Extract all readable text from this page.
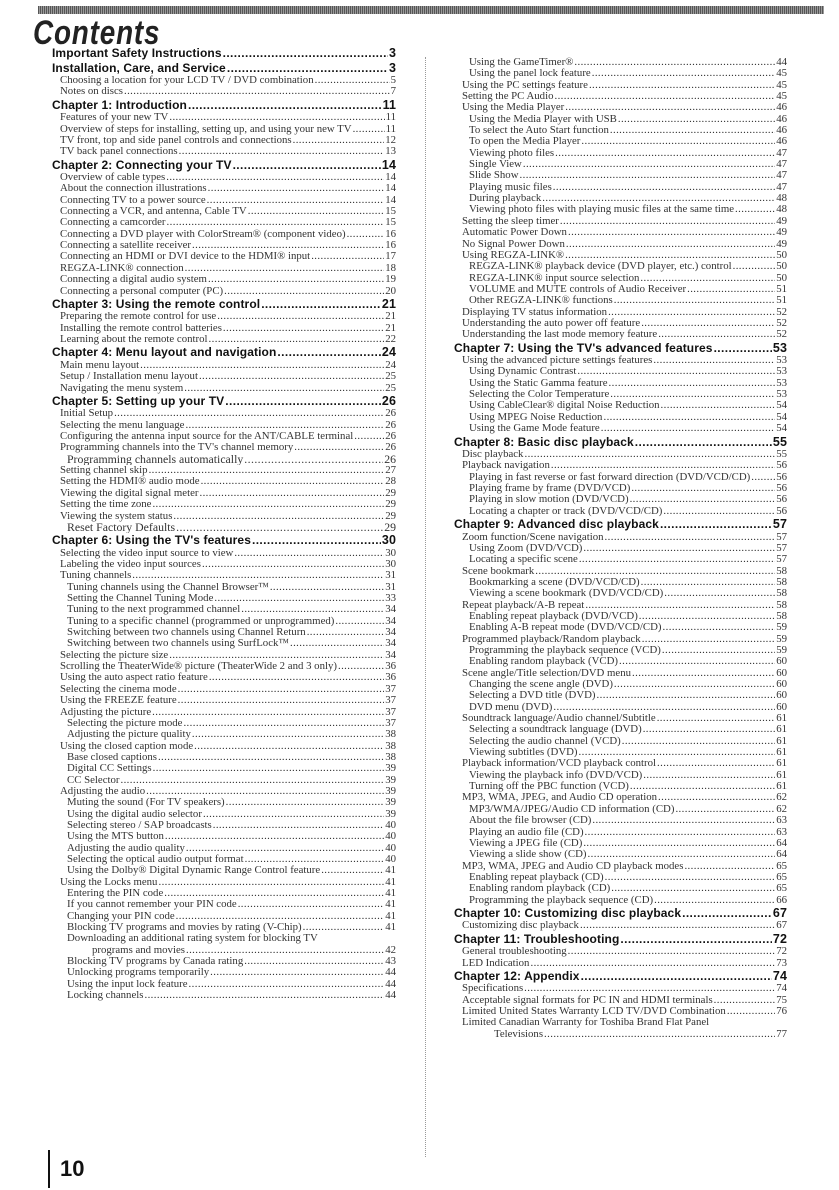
Contents
Important Safety Instructions .....	3
Installation, Care, and Service .....	3
Choosing a location for your LCD TV / DVD combination .....	5
Notes on discs .....	7
Chapter 1: Introduction .....	11
Features of your new TV .....	11
Overview of steps for installing, setting up, and using your new TV .....	11
TV front, top and side panel controls and connections .....	12
TV back panel connections .....	13
Chapter 2: Connecting your TV .....	14
Overview of cable types .....	14
About the connection illustrations .....	14
Connecting TV to a power source .....	14
Connecting a VCR, and antenna, Cable TV .....	15
Connecting a camcorder .....	15
Connecting a DVD player with ColorStream® (component video) .....	16
Connecting a satellite receiver .....	16
Connecting an HDMI or DVI device to the HDMI® input .....	17
REGZA-LINK® connection .....	18
Connecting a digital audio system .....	19
Connecting a personal computer (PC) .....	20
Chapter 3: Using the remote control .....	21
Preparing the remote control for use .....	21
Installing the remote control batteries .....	21
Learning about the remote control .....	22
Chapter 4: Menu layout and navigation .....	24
Main menu layout .....	24
Setup / Installation menu layout .....	25
Navigating the menu system .....	25
Chapter 5: Setting up your TV .....	26
Initial Setup .....	26
Selecting the menu language .....	26
Configuring the antenna input source for the ANT/CABLE terminal .....	26
Programming channels into the TV's channel memory .....	26
Programming channels automatically .....	26
Setting channel skip .....	27
Setting the HDMI® audio mode .....	28
Viewing the digital signal meter .....	29
Setting the time zone .....	29
Viewing the system status .....	29
Reset Factory Defaults .....	29
Chapter 6: Using the TV's features .....	30
Selecting the video input source to view .....	30
Labeling the video input sources .....	30
Tuning channels .....	31
Tuning channels using the Channel Browser™ .....	31
Setting the Channel Tuning Mode .....	33
Tuning to the next programmed channel .....	34
Tuning to a specific channel (programmed or unprogrammed) .....	34
Switching between two channels using Channel Return .....	34
Switching between two channels using SurfLock™ .....	34
Selecting the picture size .....	34
Scrolling the TheaterWide® picture (TheaterWide 2 and 3 only) .....	36
Using the auto aspect ratio feature .....	36
Selecting the cinema mode .....	37
Using the FREEZE feature .....	37
Adjusting the picture .....	37
Selecting the picture mode .....	37
Adjusting the picture quality .....	38
Using the closed caption mode .....	38
Base closed captions .....	38
Digital CC Settings .....	39
CC Selector .....	39
Adjusting the audio .....	39
Muting the sound (For TV speakers) .....	39
Using the digital audio selector .....	39
Selecting stereo / SAP broadcasts .....	40
Using the MTS button .....	40
Adjusting the audio quality .....	40
Selecting the optical audio output format .....	40
Using the Dolby® Digital Dynamic Range Control feature .....	41
Using the Locks menu .....	41
Entering the PIN code .....	41
If you cannot remember your PIN code .....	41
Changing your PIN code .....	41
Blocking TV programs and movies by rating (V-Chip) .....	41
Downloading an additional rating system for blocking TV
programs and movies .....	42
Blocking TV programs by Canada rating .....	43
Unlocking programs temporarily .....	44
Using the input lock feature .....	44
Locking channels .....	44
Using the GameTimer® .....	44
Using the panel lock feature .....	45
Using the PC settings feature .....	45
Setting the PC Audio .....	45
Using the Media Player .....	46
Using the Media Player with USB .....	46
To select the Auto Start function .....	46
To open the Media Player .....	46
Viewing photo files .....	47
Single View .....	47
Slide Show .....	47
Playing music files .....	47
During playback .....	48
Viewing photo files with playing music files at the same time .....	48
Setting the sleep timer .....	49
Automatic Power Down .....	49
No Signal Power Down .....	49
Using REGZA-LINK® .....	50
REGZA-LINK® playback device (DVD player, etc.) control .....	50
REGZA-LINK® input source selection .....	50
VOLUME and MUTE controls of Audio Receiver .....	51
Other REGZA-LINK® functions .....	51
Displaying TV status information .....	52
Understanding the auto power off feature .....	52
Understanding the last mode memory feature .....	52
Chapter 7: Using the TV's advanced features .....	53
Using the advanced picture settings features .....	53
Using Dynamic Contrast .....	53
Using the Static Gamma feature .....	53
Selecting the Color Temperature .....	53
Using CableClear® digital Noise Reduction .....	54
Using MPEG Noise Reduction .....	54
Using the Game Mode feature .....	54
Chapter 8: Basic disc playback .....	55
Disc playback .....	55
Playback navigation .....	56
Playing in fast reverse or fast forward direction (DVD/VCD/CD) ..... 56
Playing frame by frame (DVD/VCD) .....	56
Playing in slow motion (DVD/VCD) .....	56
Locating a chapter or track (DVD/VCD/CD) .....	56
Chapter 9: Advanced disc playback .....	57
Zoom function/Scene navigation .....	57
Using Zoom (DVD/VCD) .....	57
Locating a specific scene .....	57
Scene bookmark .....	58
Bookmarking a scene (DVD/VCD/CD) .....	58
Viewing a scene bookmark (DVD/VCD/CD) .....	58
Repeat playback/A-B repeat .....	58
Enabling repeat playback (DVD/VCD) .....	58
Enabling A-B repeat mode (DVD/VCD/CD) .....	59
Programmed playback/Random playback .....	59
Programming the playback sequence (VCD) .....	59
Enabling random playback (VCD) .....	60
Scene angle/Title selection/DVD menu .....	60
Changing the scene angle (DVD) .....	60
Selecting a DVD title (DVD) .....	60
DVD menu (DVD) .....	60
Soundtrack language/Audio channel/Subtitle .....	61
Selecting a soundtrack language (DVD) .....	61
Selecting the audio channel (VCD) .....	61
Viewing subtitles (DVD) .....	61
Playback information/VCD playback control .....	61
Viewing the playback info (DVD/VCD) .....	61
Turning off the PBC function (VCD) .....	61
MP3, WMA, JPEG, and Audio CD operation .....	62
MP3/WMA/JPEG/Audio CD information (CD) .....	62
About the file browser (CD) .....	63
Playing an audio file (CD) .....	63
Viewing a JPEG file (CD) .....	64
Viewing a slide show (CD) .....	64
MP3, WMA, JPEG and Audio CD playback modes .....	65
Enabling repeat playback (CD) .....	65
Enabling random playback (CD) .....	65
Programming the playback sequence (CD) .....	66
Chapter 10: Customizing disc playback .....	67
Customizing disc playback .....	67
Chapter 11: Troubleshooting .....	72
General troubleshooting .....	72
LED Indication .....	73
Chapter 12: Appendix .....	74
Specifications .....	74
Acceptable signal formats for PC IN and HDMI terminals .....	75
Limited United States Warranty LCD TV/DVD Combination .....	76
Limited Canadian Warranty for Toshiba Brand Flat Panel
Televisions .....	77
10
